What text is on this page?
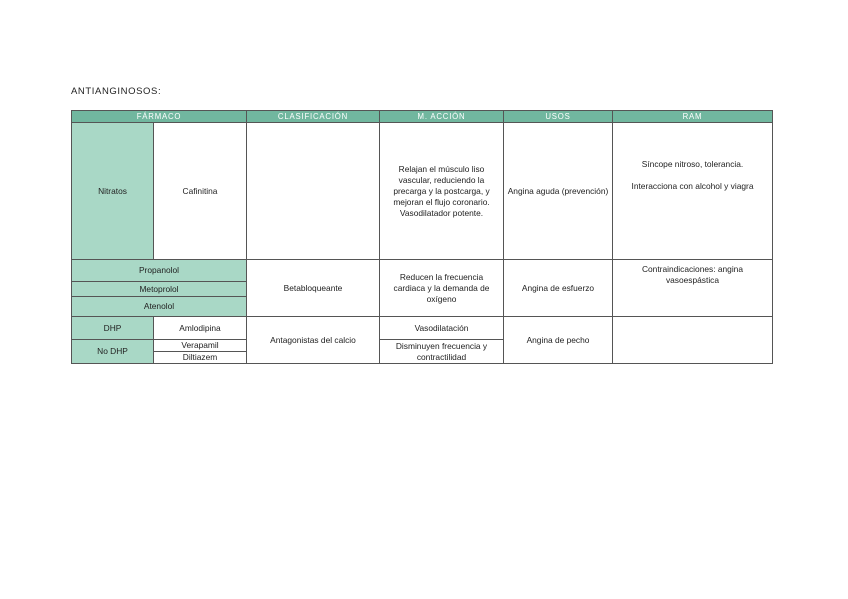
ANTIANGINOSOS:
FÁRMACO		CLASIFICACIÓN	M. ACCIÓN	USOS	RAM
Nitratos	Cafinitina		Relajan el músculo liso vascular, reduciendo la precarga y la postcarga, y mejoran el flujo coronario. Vasodilatador potente.	Angina aguda (prevención)	Síncope nitroso, tolerancia.
Interacciona con alcohol y viagra
Propanolol		Betabloqueante	Reducen la frecuencia cardiaca y la demanda de oxígeno	Angina de esfuerzo	Contraindicaciones: angina vasoespástica
Metoprolol					
Atenolol					
DHP	Amlodipina	Antagonistas del calcio	Vasodilatación	Angina de pecho	
No DHP	Verapamil		Disminuyen frecuencia y contractilidad		
	Diltiazem				
